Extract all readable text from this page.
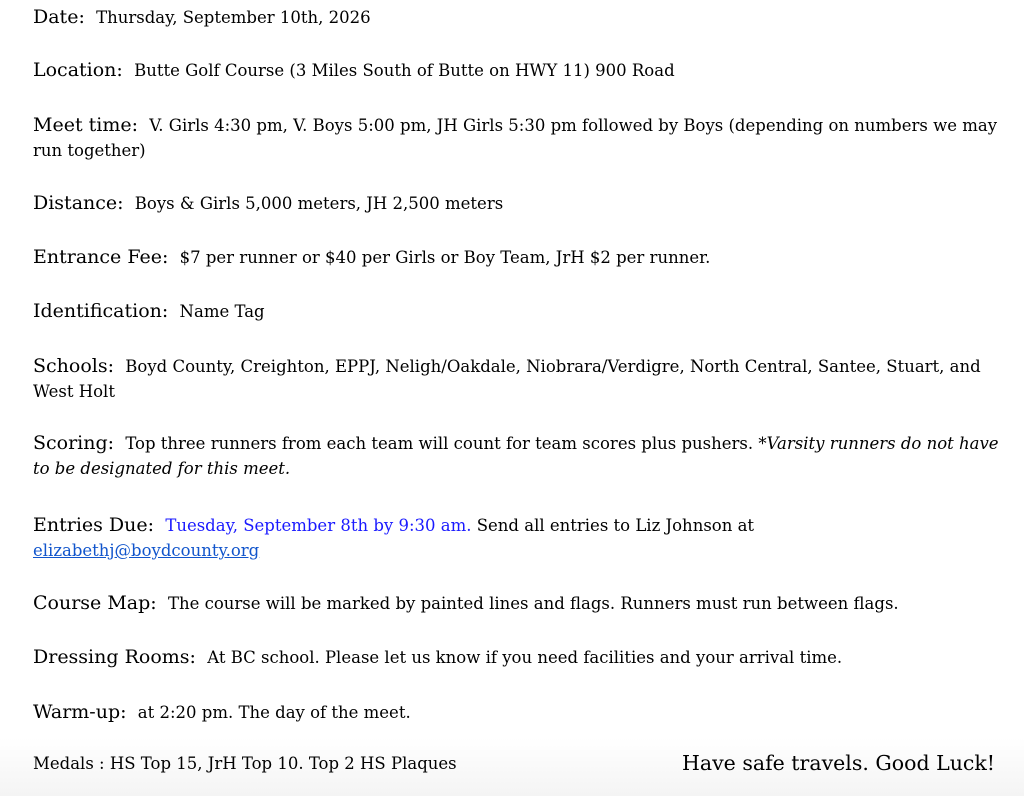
Date: Thursday, September 10th, 2026
Location: Butte Golf Course (3 Miles South of Butte on HWY 11) 900 Road
Meet time: V. Girls 4:30 pm, V. Boys 5:00 pm, JH Girls 5:30 pm followed by Boys (depending on numbers we may run together)
Distance: Boys & Girls 5,000 meters, JH 2,500 meters
Entrance Fee: $7 per runner or $40 per Girls or Boy Team, JrH $2 per runner.
Identification: Name Tag
Schools: Boyd County, Creighton, EPPJ, Neligh/Oakdale, Niobrara/Verdigre, North Central, Santee, Stuart, and West Holt
Scoring: Top three runners from each team will count for team scores plus pushers. *Varsity runners do not have to be designated for this meet.
Entries Due: Tuesday, September 8th by 9:30 am. Send all entries to Liz Johnson at
elizabethj@boydcounty.org
Course Map: The course will be marked by painted lines and flags. Runners must run between flags.
Dressing Rooms: At BC school. Please let us know if you need facilities and your arrival time.
Warm-up: at 2:20 pm. The day of the meet.
Medals : HS Top 15, JrH Top 10. Top 2 HS Plaques	Have safe travels. Good Luck!
